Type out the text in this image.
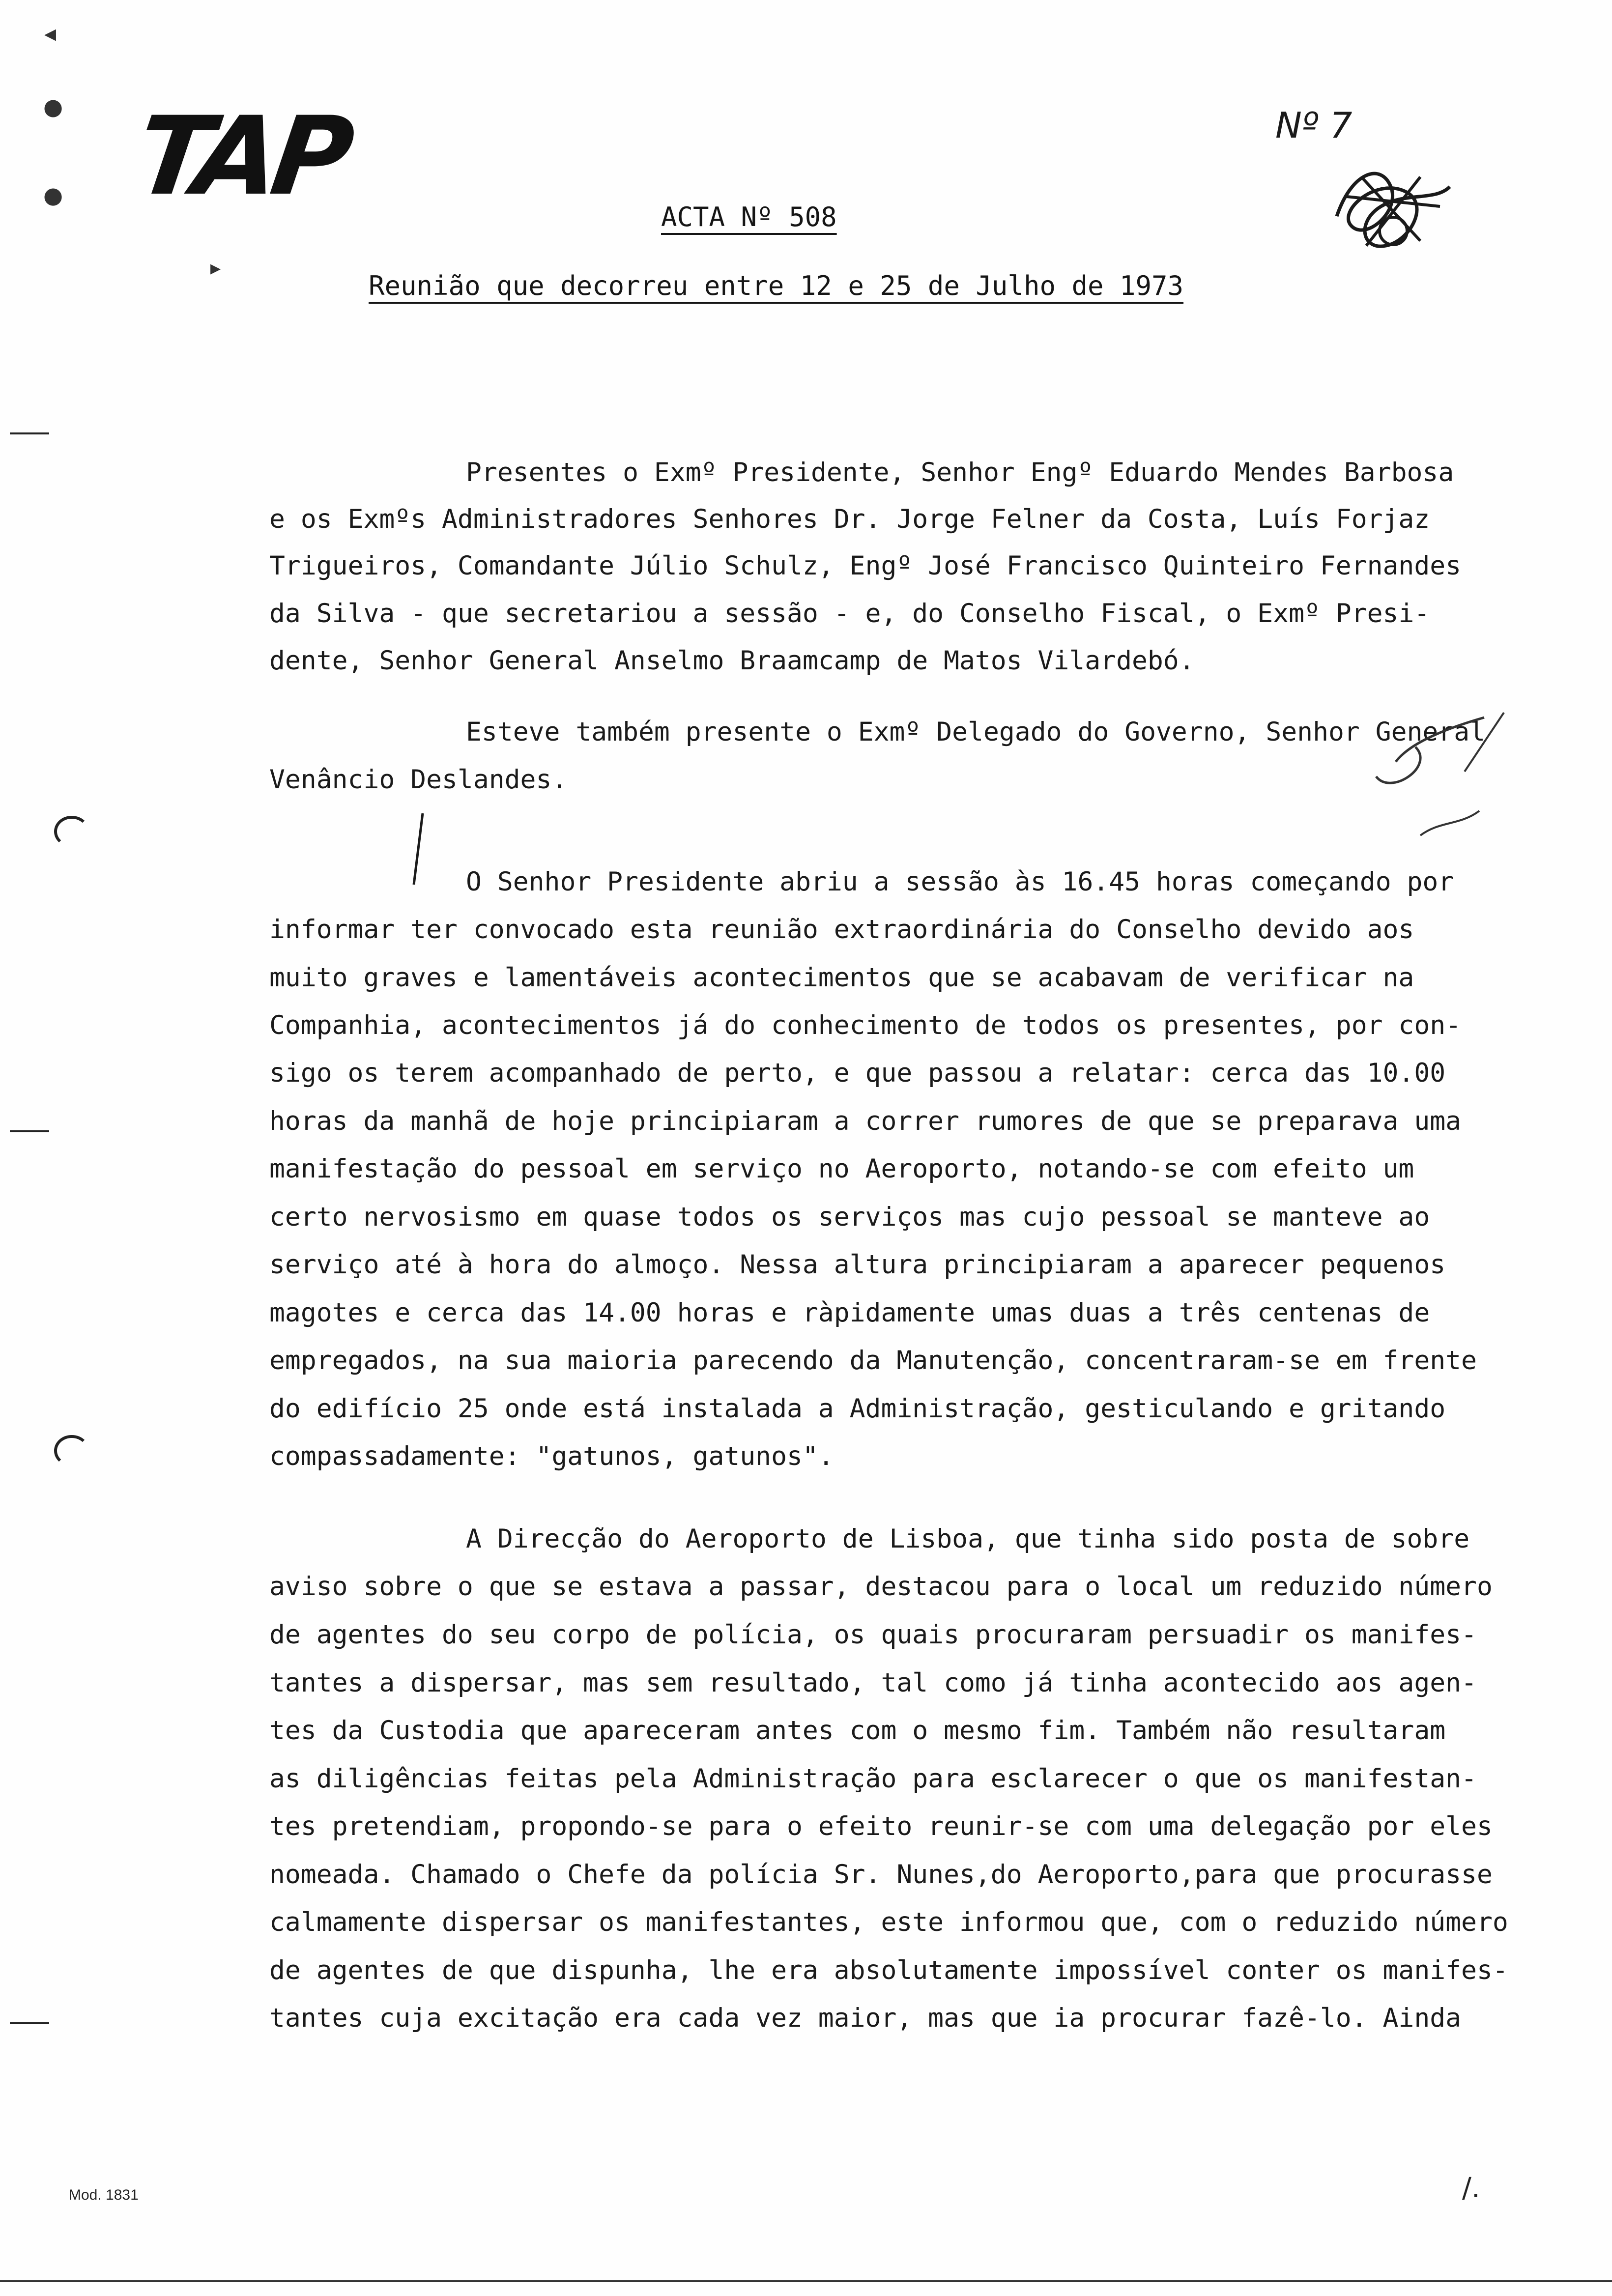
TAP	Nº 7
ACTA Nº 508
Reunião que decorreu entre 12 e 25 de Julho de 1973
Presentes o Exmº Presidente, Senhor Engº Eduardo Mendes Barbosa
e os Exmºs Administradores Senhores Dr. Jorge Felner da Costa, Luís Forjaz
Trigueiros, Comandante Júlio Schulz, Engº José Francisco Quinteiro Fernandes
da Silva - que secretariou a sessão - e, do Conselho Fiscal, o Exmº Presi-
dente, Senhor General Anselmo Braamcamp de Matos Vilardebó.
Esteve também presente o Exmº Delegado do Governo, Senhor General
Venâncio Deslandes.
O Senhor Presidente abriu a sessão às 16.45 horas começando por
informar ter convocado esta reunião extraordinária do Conselho devido aos
muito graves e lamentáveis acontecimentos que se acabavam de verificar na
Companhia, acontecimentos já do conhecimento de todos os presentes, por con-
sigo os terem acompanhado de perto, e que passou a relatar: cerca das 10.00
horas da manhã de hoje principiaram a correr rumores de que se preparava uma
manifestação do pessoal em serviço no Aeroporto, notando-se com efeito um
certo nervosismo em quase todos os serviços mas cujo pessoal se manteve ao
serviço até à hora do almoço. Nessa altura principiaram a aparecer pequenos
magotes e cerca das 14.00 horas e ràpidamente umas duas a três centenas de
empregados, na sua maioria parecendo da Manutenção, concentraram-se em frente
do edifício 25 onde está instalada a Administração, gesticulando e gritando
compassadamente: "gatunos, gatunos".
A Direcção do Aeroporto de Lisboa, que tinha sido posta de sobre
aviso sobre o que se estava a passar, destacou para o local um reduzido número
de agentes do seu corpo de polícia, os quais procuraram persuadir os manifes-
tantes a dispersar, mas sem resultado, tal como já tinha acontecido aos agen-
tes da Custodia que apareceram antes com o mesmo fim. Também não resultaram
as diligências feitas pela Administração para esclarecer o que os manifestan-
tes pretendiam, propondo-se para o efeito reunir-se com uma delegação por eles
nomeada. Chamado o Chefe da polícia Sr. Nunes,do Aeroporto,para que procurasse
calmamente dispersar os manifestantes, este informou que, com o reduzido número
de agentes de que dispunha, lhe era absolutamente impossível conter os manifes-
tantes cuja excitação era cada vez maior, mas que ia procurar fazê-lo. Ainda
◂
●
●
▸
Mod. 1831	/.
